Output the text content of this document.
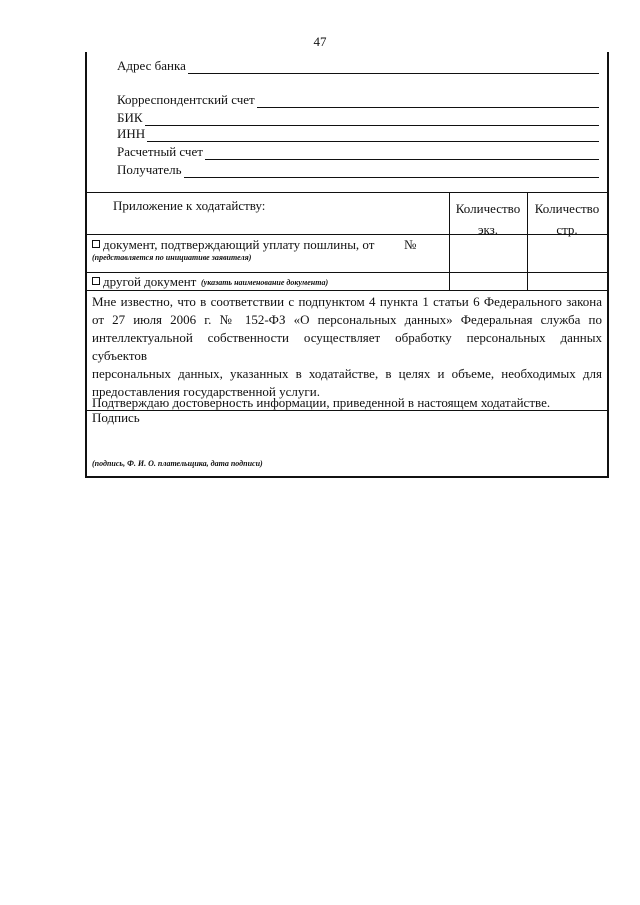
47
Адрес банка
Корреспондентский счет
БИК
ИНН
Расчетный счет
Получатель
Приложение к ходатайству:	Количество
экз.
Количество
стр.
документ, подтверждающий уплату пошлины, от №
(представляется по инициативе заявителя)
другой документ (указать наименование документа)
Мне известно, что в соответствии с подпунктом 4 пункта 1 статьи 6 Федерального закона
от 27 июля 2006 г. № 152-ФЗ «О персональных данных» Федеральная служба по
интеллектуальной собственности осуществляет обработку персональных данных субъектов
персональных данных, указанных в ходатайстве, в целях и объеме, необходимых для
предоставления государственной услуги.
Подтверждаю достоверность информации, приведенной в настоящем ходатайстве.
Подпись
(подпись, Ф. И. О. плательщика, дата подписи)
